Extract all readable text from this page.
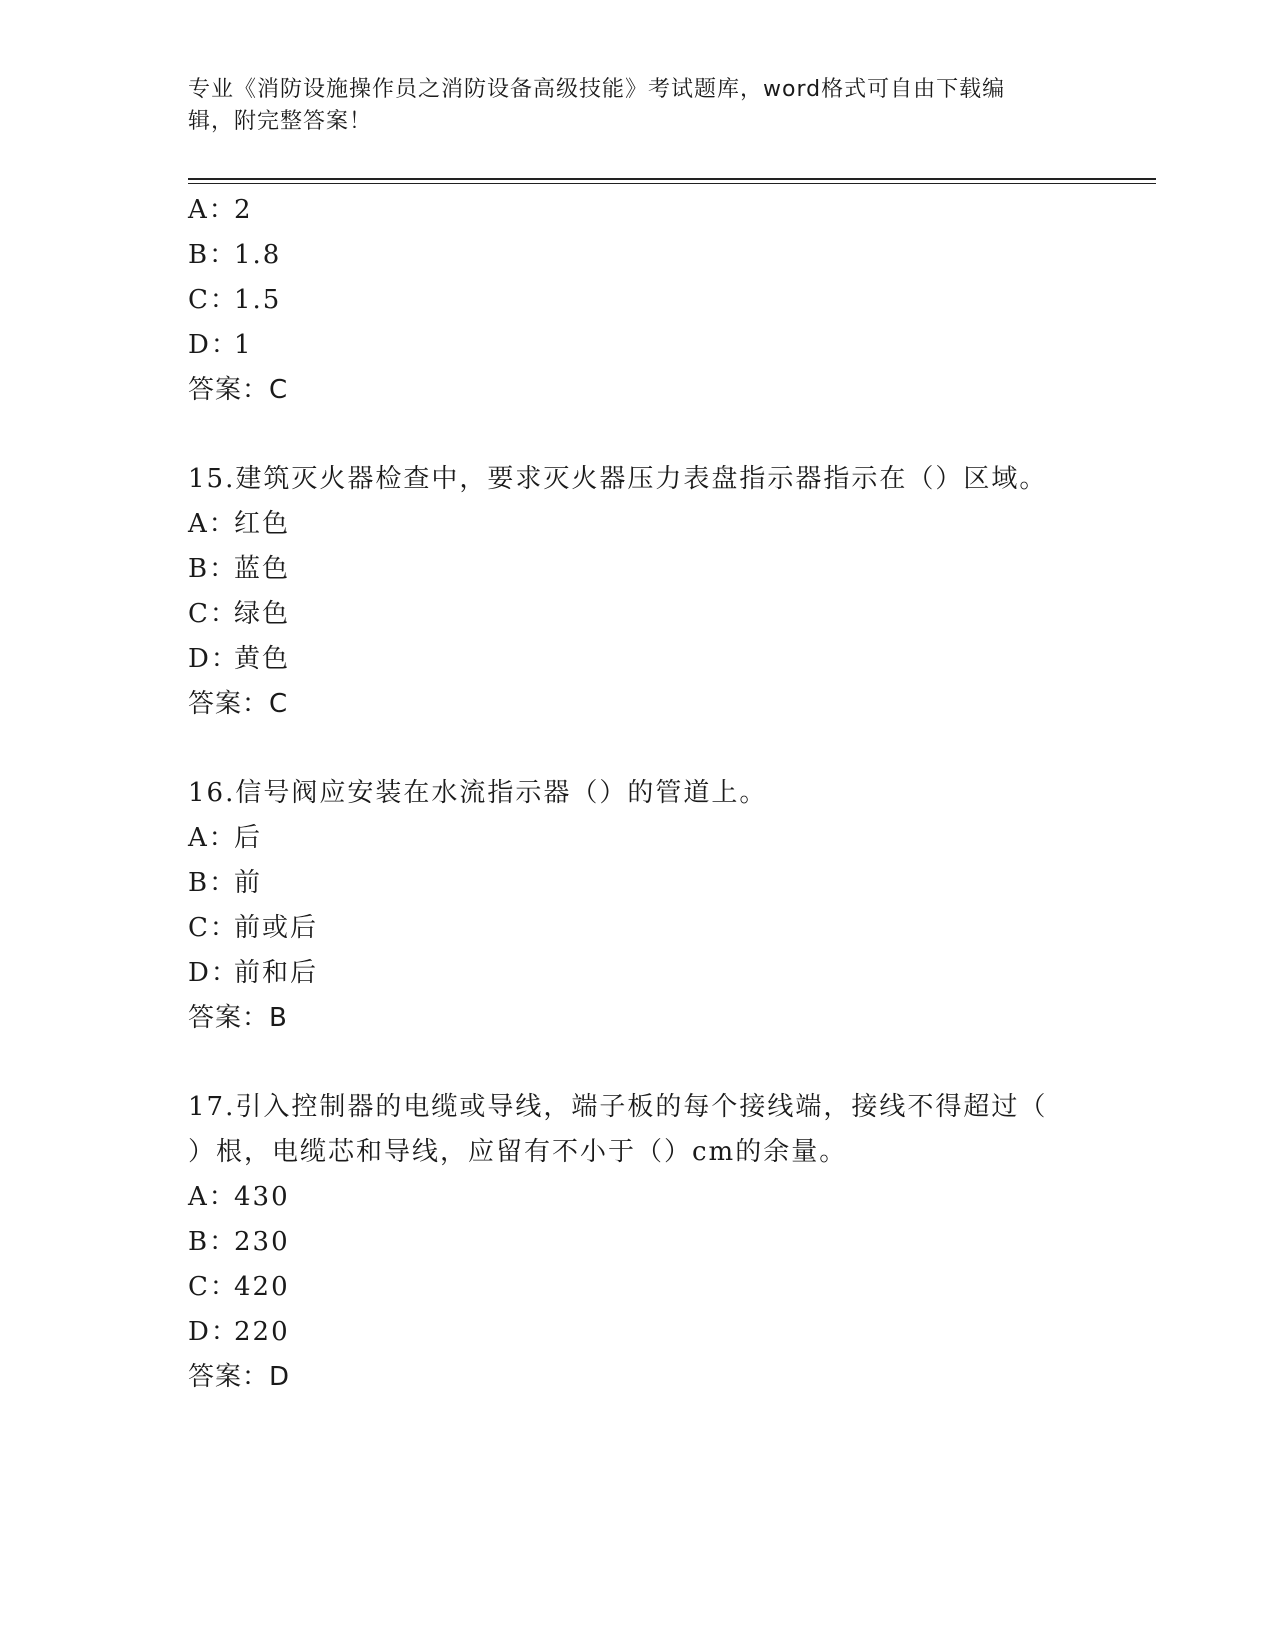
专业《消防设施操作员之消防设备高级技能》考试题库，word格式可自由下载编
辑，附完整答案！
A：2
B：1.8
C：1.5
D：1
答案：C
15.建筑灭火器检查中，要求灭火器压力表盘指示器指示在（）区域。
A：红色
B：蓝色
C：绿色
D：黄色
答案：C
16.信号阀应安装在水流指示器（）的管道上。
A：后
B：前
C：前或后
D：前和后
答案：B
17.引入控制器的电缆或导线，端子板的每个接线端，接线不得超过（
）根，电缆芯和导线，应留有不小于（）cm的余量。
A：430
B：230
C：420
D：220
答案：D
